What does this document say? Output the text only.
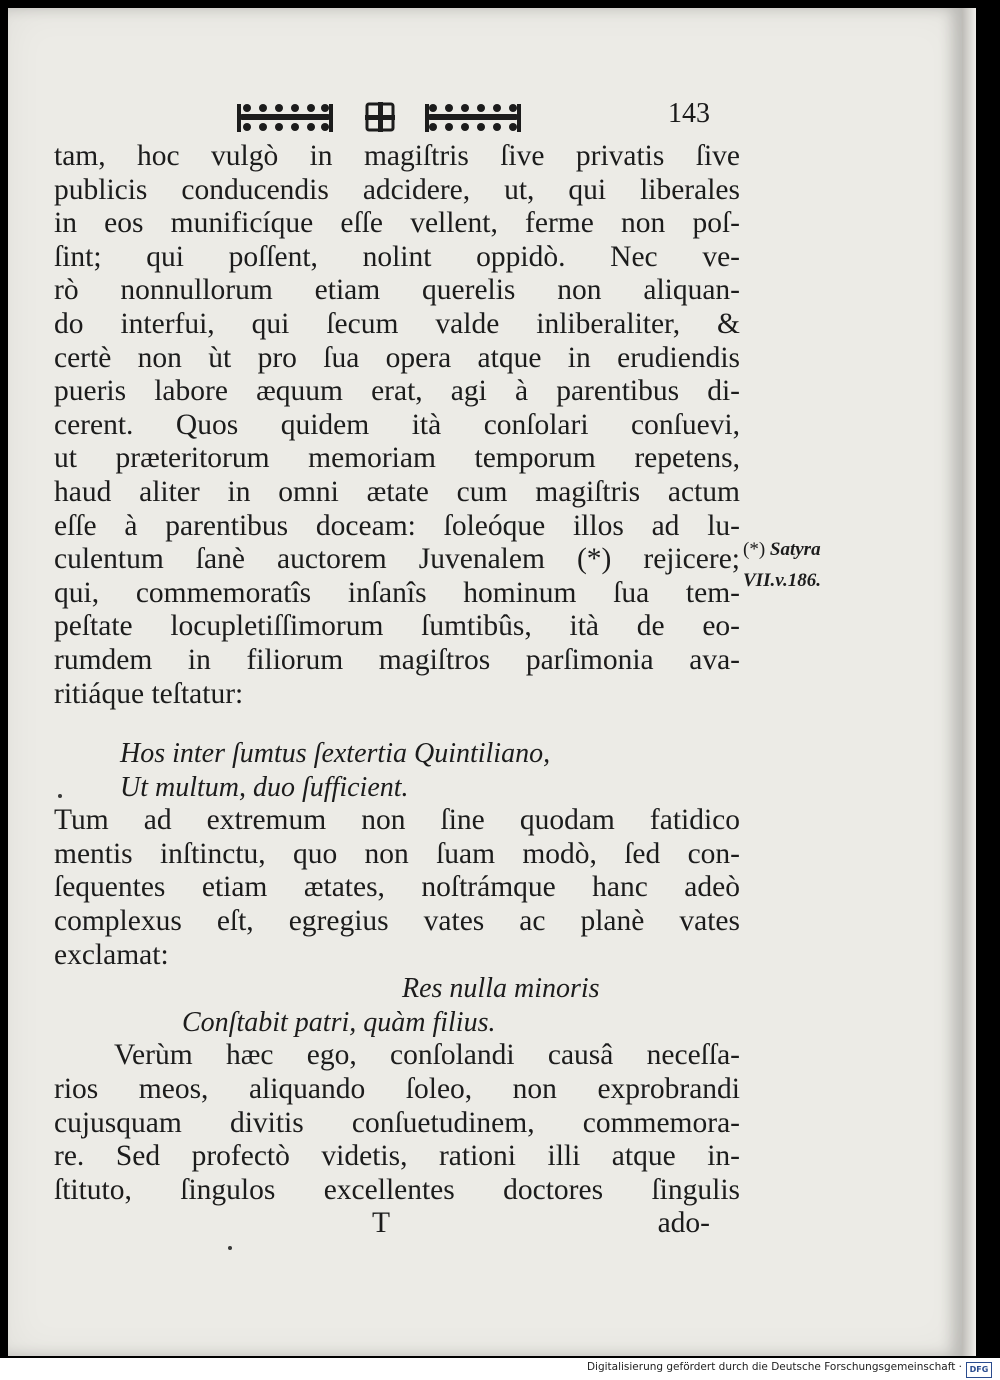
143
tam, hoc vulgò in magiſtris ſive privatis ſive
publicis conducendis adcidere, ut, qui liberales
in eos munificíque eſſe vellent, ferme non poſ-
ſint; qui poſſent, nolint oppidò. Nec ve-
rò nonnullorum etiam querelis non aliquan-
do interfui, qui ſecum valde inliberaliter, &
certè non ùt pro ſua opera atque in erudiendis
pueris labore æquum erat, agi à parentibus di-
cerent. Quos quidem ità conſolari conſuevi,
ut præteritorum memoriam temporum repetens,
haud aliter in omni ætate cum magiſtris actum
eſſe à parentibus doceam: ſoleóque illos ad lu-
culentum ſanè auctorem Juvenalem (*) rejicere;
qui, commemoratîs inſanîs hominum ſua tem-
peſtate locupletiſſimorum ſumtibûs, ità de eo-
rumdem in filiorum magiſtros parſimonia ava-
ritiáque teſtatur:
Hos inter ſumtus ſextertia Quintiliano,
Ut multum, duo ſufficient.
Tum ad extremum non ſine quodam fatidico
mentis inſtinctu, quo non ſuam modò, ſed con-
ſequentes etiam ætates, noſtrámque hanc adeò
complexus eſt, egregius vates ac planè vates
exclamat:
Res nulla minoris
Conſtabit patri, quàm filius.
Verùm hæc ego, conſolandi causâ neceſſa-
rios meos, aliquando ſoleo, non exprobrandi
cujusquam divitis conſuetudinem, commemora-
re. Sed profectò videtis, rationi illi atque in-
ſtituto, ſingulos excellentes doctores ſingulis
T	ado-
(*) Satyra
VII.v.186.
Digitalisierung gefördert durch die Deutsche Forschungsgemeinschaft · DFG
